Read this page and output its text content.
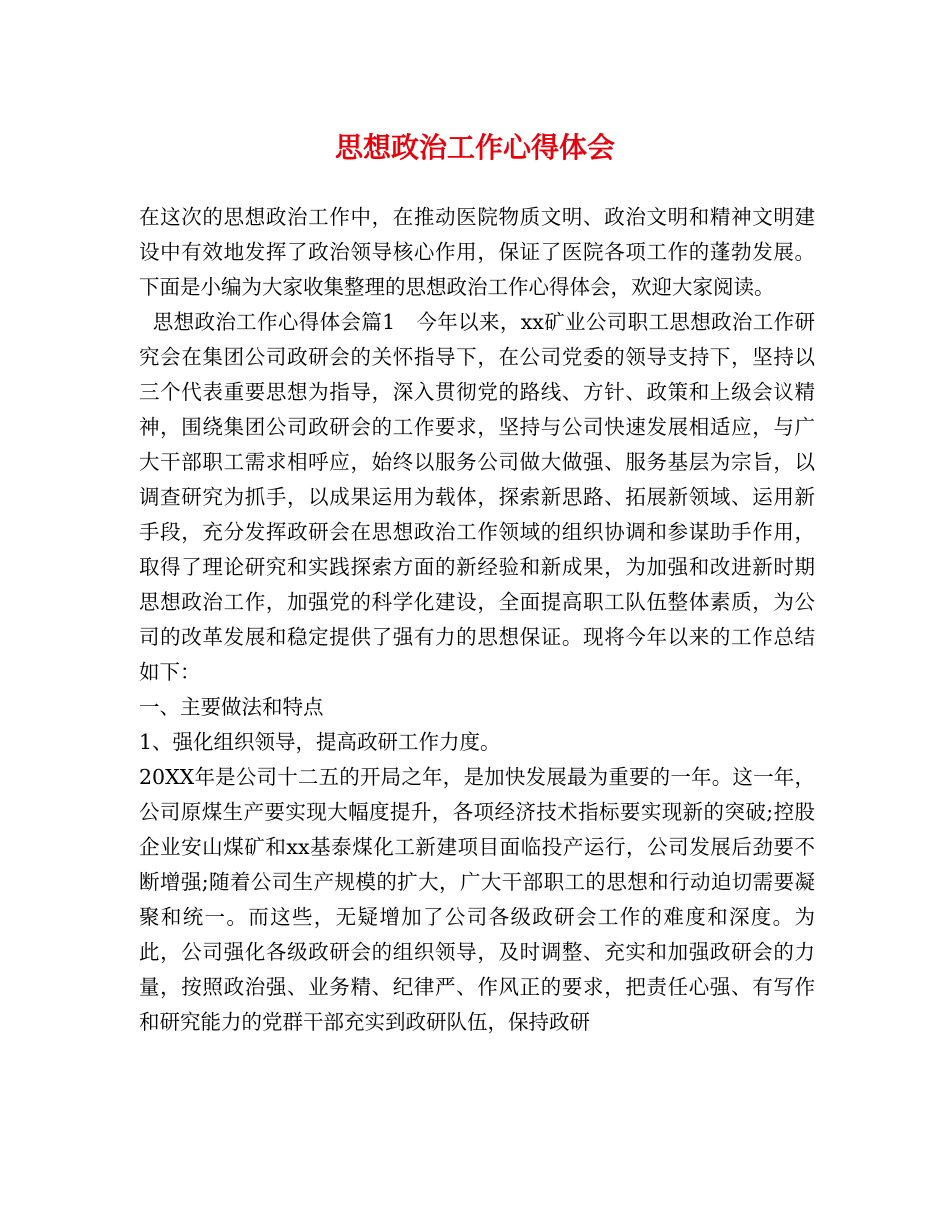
思想政治工作心得体会

在这次的思想政治工作中，在推动医院物质文明、政治文明和精神文明建设中有效地发挥了政治领导核心作用，保证了医院各项工作的蓬勃发展。下面是小编为大家收集整理的思想政治工作心得体会，欢迎大家阅读。

思想政治工作心得体会篇1　今年以来，xx矿业公司职工思想政治工作研究会在集团公司政研会的关怀指导下，在公司党委的领导支持下，坚持以三个代表重要思想为指导，深入贯彻党的路线、方针、政策和上级会议精神，围绕集团公司政研会的工作要求，坚持与公司快速发展相适应，与广大干部职工需求相呼应，始终以服务公司做大做强、服务基层为宗旨，以调查研究为抓手，以成果运用为载体，探索新思路、拓展新领域、运用新手段，充分发挥政研会在思想政治工作领域的组织协调和参谋助手作用，取得了理论研究和实践探索方面的新经验和新成果，为加强和改进新时期思想政治工作，加强党的科学化建设，全面提高职工队伍整体素质，为公司的改革发展和稳定提供了强有力的思想保证。现将今年以来的工作总结如下：

一、主要做法和特点

1、强化组织领导，提高政研工作力度。

20XX年是公司十二五的开局之年，是加快发展最为重要的一年。这一年，公司原煤生产要实现大幅度提升，各项经济技术指标要实现新的突破;控股企业安山煤矿和xx基泰煤化工新建项目面临投产运行，公司发展后劲要不断增强;随着公司生产规模的扩大，广大干部职工的思想和行动迫切需要凝聚和统一。而这些，无疑增加了公司各级政研会工作的难度和深度。为此，公司强化各级政研会的组织领导，及时调整、充实和加强政研会的力量，按照政治强、业务精、纪律严、作风正的要求，把责任心强、有写作和研究能力的党群干部充实到政研队伍，保持政研
